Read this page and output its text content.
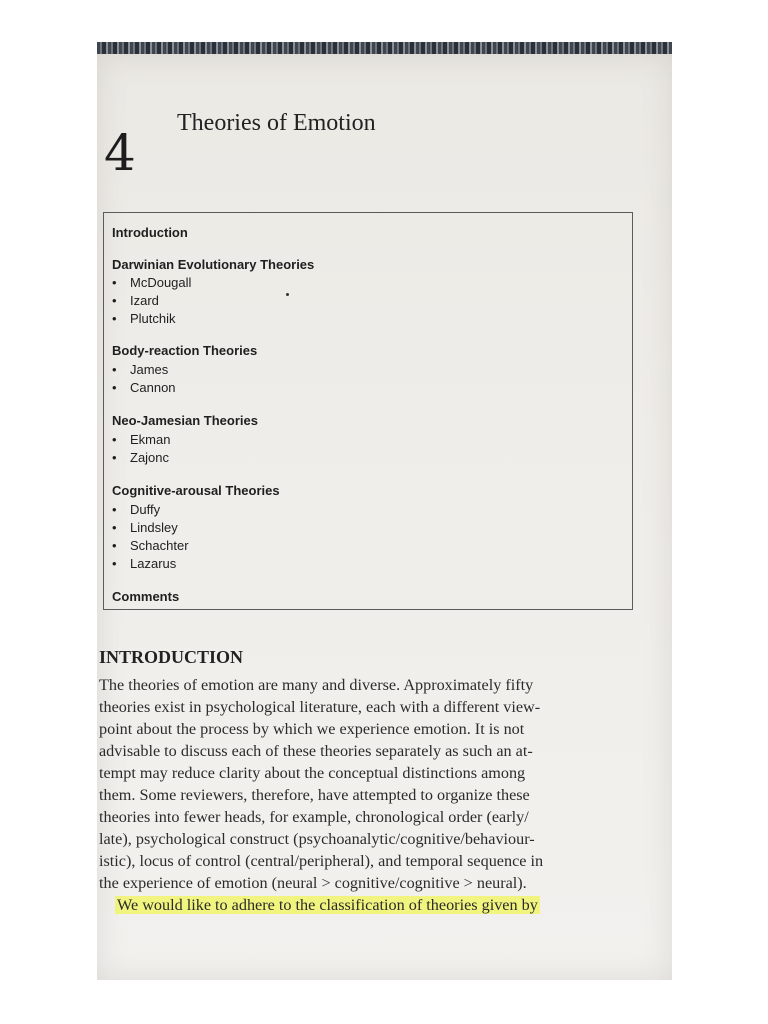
4
Theories of Emotion
Introduction
Darwinian Evolutionary Theories
• McDougall
• Izard
• Plutchik
Body-reaction Theories
• James
• Cannon
Neo-Jamesian Theories
• Ekman
• Zajonc
Cognitive-arousal Theories
• Duffy
• Lindsley
• Schachter
• Lazarus
Comments
INTRODUCTION
The theories of emotion are many and diverse. Approximately fifty
theories exist in psychological literature, each with a different view-
point about the process by which we experience emotion. It is not
advisable to discuss each of these theories separately as such an at-
tempt may reduce clarity about the conceptual distinctions among
them. Some reviewers, therefore, have attempted to organize these
theories into fewer heads, for example, chronological order (early/
late), psychological construct (psychoanalytic/cognitive/behaviour-
istic), locus of control (central/peripheral), and temporal sequence in
the experience of emotion (neural > cognitive/cognitive > neural).
We would like to adhere to the classification of theories given by
